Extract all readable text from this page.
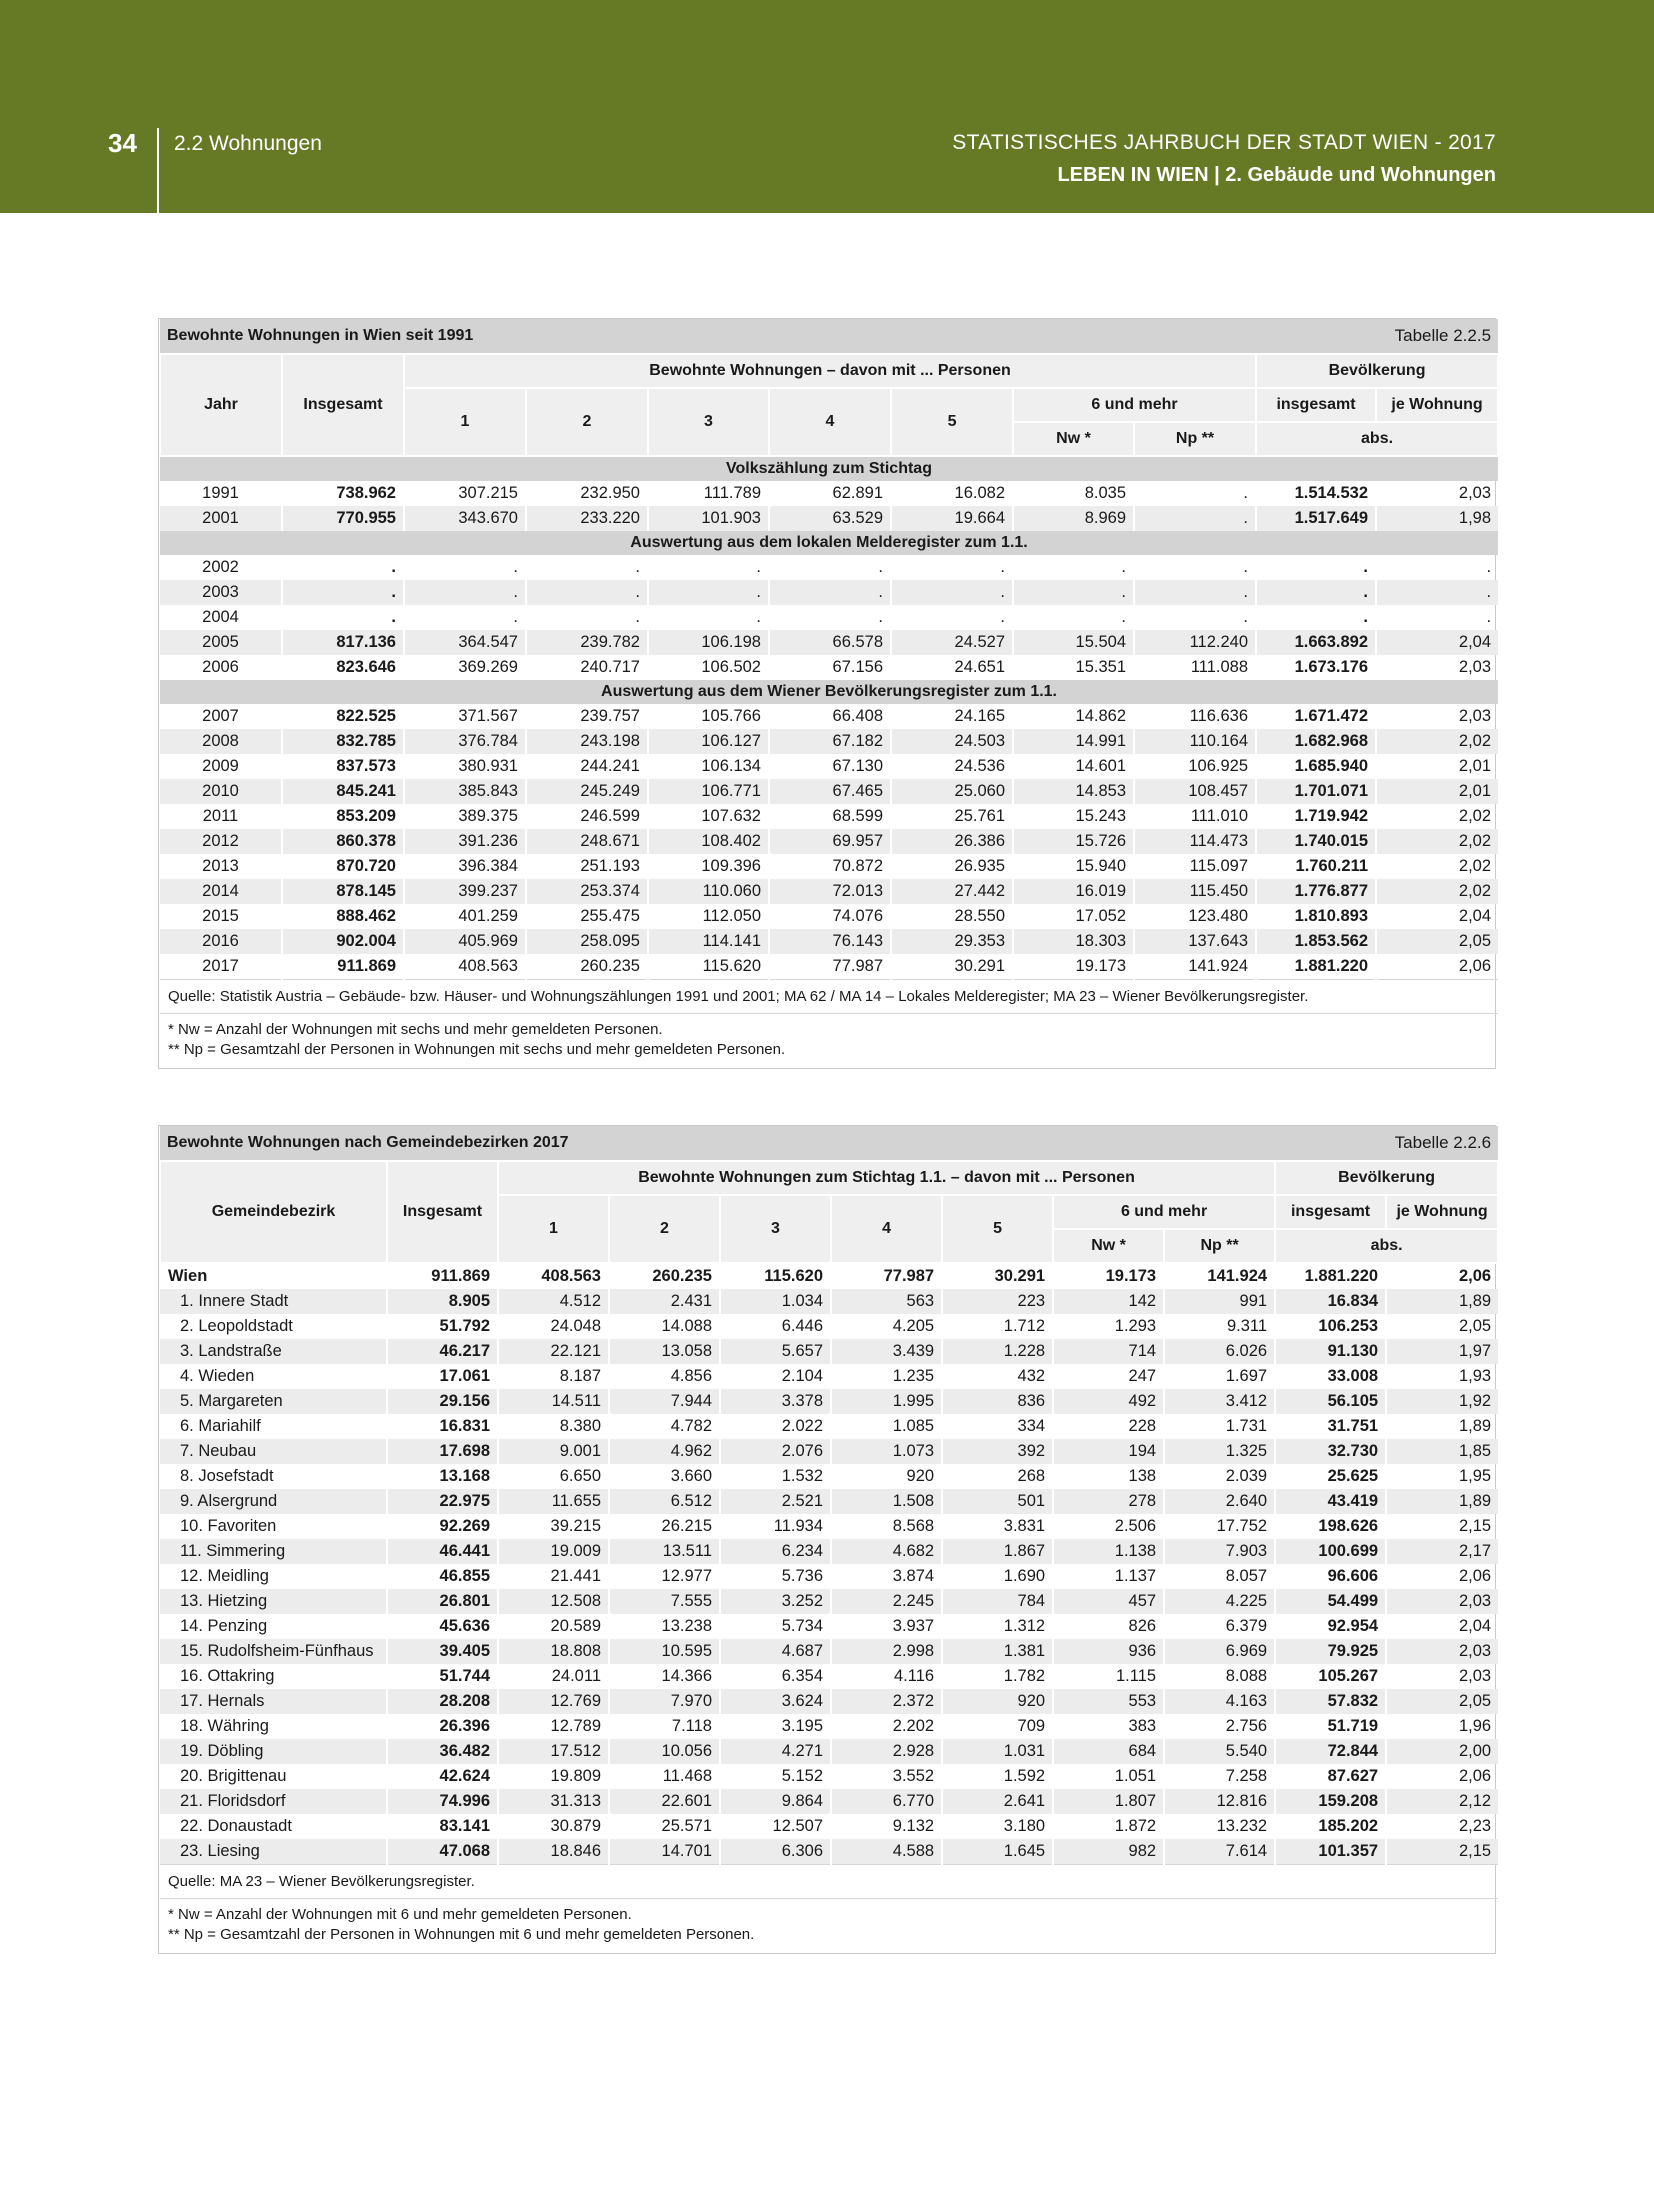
34 2.2 Wohnungen	STATISTISCHES JAHRBUCH DER STADT WIEN - 2017
LEBEN IN WIEN | 2. Gebäude und Wohnungen
Bewohnte Wohnungen in Wien seit 1991						Tabelle 2.2.5				
Jahr	Insgesamt	Bewohnte Wohnungen – davon mit ... Personen							Bevölkerung	
		1	2	3	4	5	6 und mehr		insgesamt	je Wohnung
							Nw *	Np **	abs.	
Volkszählung zum Stichtag										
1991	738.962	307.215	232.950	111.789	62.891	16.082	8.035	.	1.514.532	2,03
2001	770.955	343.670	233.220	101.903	63.529	19.664	8.969	.	1.517.649	1,98
Auswertung aus dem lokalen Melderegister zum 1.1.										
2002	.	.	.	.	.	.	.	.	.	.
2003	.	.	.	.	.	.	.	.	.	.
2004	.	.	.	.	.	.	.	.	.	.
2005	817.136	364.547	239.782	106.198	66.578	24.527	15.504	112.240	1.663.892	2,04
2006	823.646	369.269	240.717	106.502	67.156	24.651	15.351	111.088	1.673.176	2,03
Auswertung aus dem Wiener Bevölkerungsregister zum 1.1.										
2007	822.525	371.567	239.757	105.766	66.408	24.165	14.862	116.636	1.671.472	2,03
2008	832.785	376.784	243.198	106.127	67.182	24.503	14.991	110.164	1.682.968	2,02
2009	837.573	380.931	244.241	106.134	67.130	24.536	14.601	106.925	1.685.940	2,01
2010	845.241	385.843	245.249	106.771	67.465	25.060	14.853	108.457	1.701.071	2,01
2011	853.209	389.375	246.599	107.632	68.599	25.761	15.243	111.010	1.719.942	2,02
2012	860.378	391.236	248.671	108.402	69.957	26.386	15.726	114.473	1.740.015	2,02
2013	870.720	396.384	251.193	109.396	70.872	26.935	15.940	115.097	1.760.211	2,02
2014	878.145	399.237	253.374	110.060	72.013	27.442	16.019	115.450	1.776.877	2,02
2015	888.462	401.259	255.475	112.050	74.076	28.550	17.052	123.480	1.810.893	2,04
2016	902.004	405.969	258.095	114.141	76.143	29.353	18.303	137.643	1.853.562	2,05
2017	911.869	408.563	260.235	115.620	77.987	30.291	19.173	141.924	1.881.220	2,06
Quelle: Statistik Austria – Gebäude- bzw. Häuser- und Wohnungszählungen 1991 und 2001; MA 62 / MA 14 – Lokales Melderegister; MA 23 – Wiener Bevölkerungsregister.										

* Nw = Anzahl der Wohnungen mit sechs und mehr gemeldeten Personen.
** Np = Gesamtzahl der Personen in Wohnungen mit sechs und mehr gemeldeten Personen.										
Bewohnte Wohnungen nach Gemeindebezirken 2017						Tabelle 2.2.6				
Gemeindebezirk	Insgesamt	Bewohnte Wohnungen zum Stichtag 1.1. – davon mit ... Personen							Bevölkerung	
		1	2	3	4	5	6 und mehr		insgesamt	je Wohnung
							Nw *	Np **	abs.	
Wien	911.869	408.563	260.235	115.620	77.987	30.291	19.173	141.924	1.881.220	2,06
1. Innere Stadt	8.905	4.512	2.431	1.034	563	223	142	991	16.834	1,89
2. Leopoldstadt	51.792	24.048	14.088	6.446	4.205	1.712	1.293	9.311	106.253	2,05
3. Landstraße	46.217	22.121	13.058	5.657	3.439	1.228	714	6.026	91.130	1,97
4. Wieden	17.061	8.187	4.856	2.104	1.235	432	247	1.697	33.008	1,93
5. Margareten	29.156	14.511	7.944	3.378	1.995	836	492	3.412	56.105	1,92
6. Mariahilf	16.831	8.380	4.782	2.022	1.085	334	228	1.731	31.751	1,89
7. Neubau	17.698	9.001	4.962	2.076	1.073	392	194	1.325	32.730	1,85
8. Josefstadt	13.168	6.650	3.660	1.532	920	268	138	2.039	25.625	1,95
9. Alsergrund	22.975	11.655	6.512	2.521	1.508	501	278	2.640	43.419	1,89
10. Favoriten	92.269	39.215	26.215	11.934	8.568	3.831	2.506	17.752	198.626	2,15
11. Simmering	46.441	19.009	13.511	6.234	4.682	1.867	1.138	7.903	100.699	2,17
12. Meidling	46.855	21.441	12.977	5.736	3.874	1.690	1.137	8.057	96.606	2,06
13. Hietzing	26.801	12.508	7.555	3.252	2.245	784	457	4.225	54.499	2,03
14. Penzing	45.636	20.589	13.238	5.734	3.937	1.312	826	6.379	92.954	2,04
15. Rudolfsheim-Fünfhaus	39.405	18.808	10.595	4.687	2.998	1.381	936	6.969	79.925	2,03
16. Ottakring	51.744	24.011	14.366	6.354	4.116	1.782	1.115	8.088	105.267	2,03
17. Hernals	28.208	12.769	7.970	3.624	2.372	920	553	4.163	57.832	2,05
18. Währing	26.396	12.789	7.118	3.195	2.202	709	383	2.756	51.719	1,96
19. Döbling	36.482	17.512	10.056	4.271	2.928	1.031	684	5.540	72.844	2,00
20. Brigittenau	42.624	19.809	11.468	5.152	3.552	1.592	1.051	7.258	87.627	2,06
21. Floridsdorf	74.996	31.313	22.601	9.864	6.770	2.641	1.807	12.816	159.208	2,12
22. Donaustadt	83.141	30.879	25.571	12.507	9.132	3.180	1.872	13.232	185.202	2,23
23. Liesing	47.068	18.846	14.701	6.306	4.588	1.645	982	7.614	101.357	2,15
Quelle: MA 23 – Wiener Bevölkerungsregister.										

* Nw = Anzahl der Wohnungen mit 6 und mehr gemeldeten Personen.
** Np = Gesamtzahl der Personen in Wohnungen mit 6 und mehr gemeldeten Personen.										
